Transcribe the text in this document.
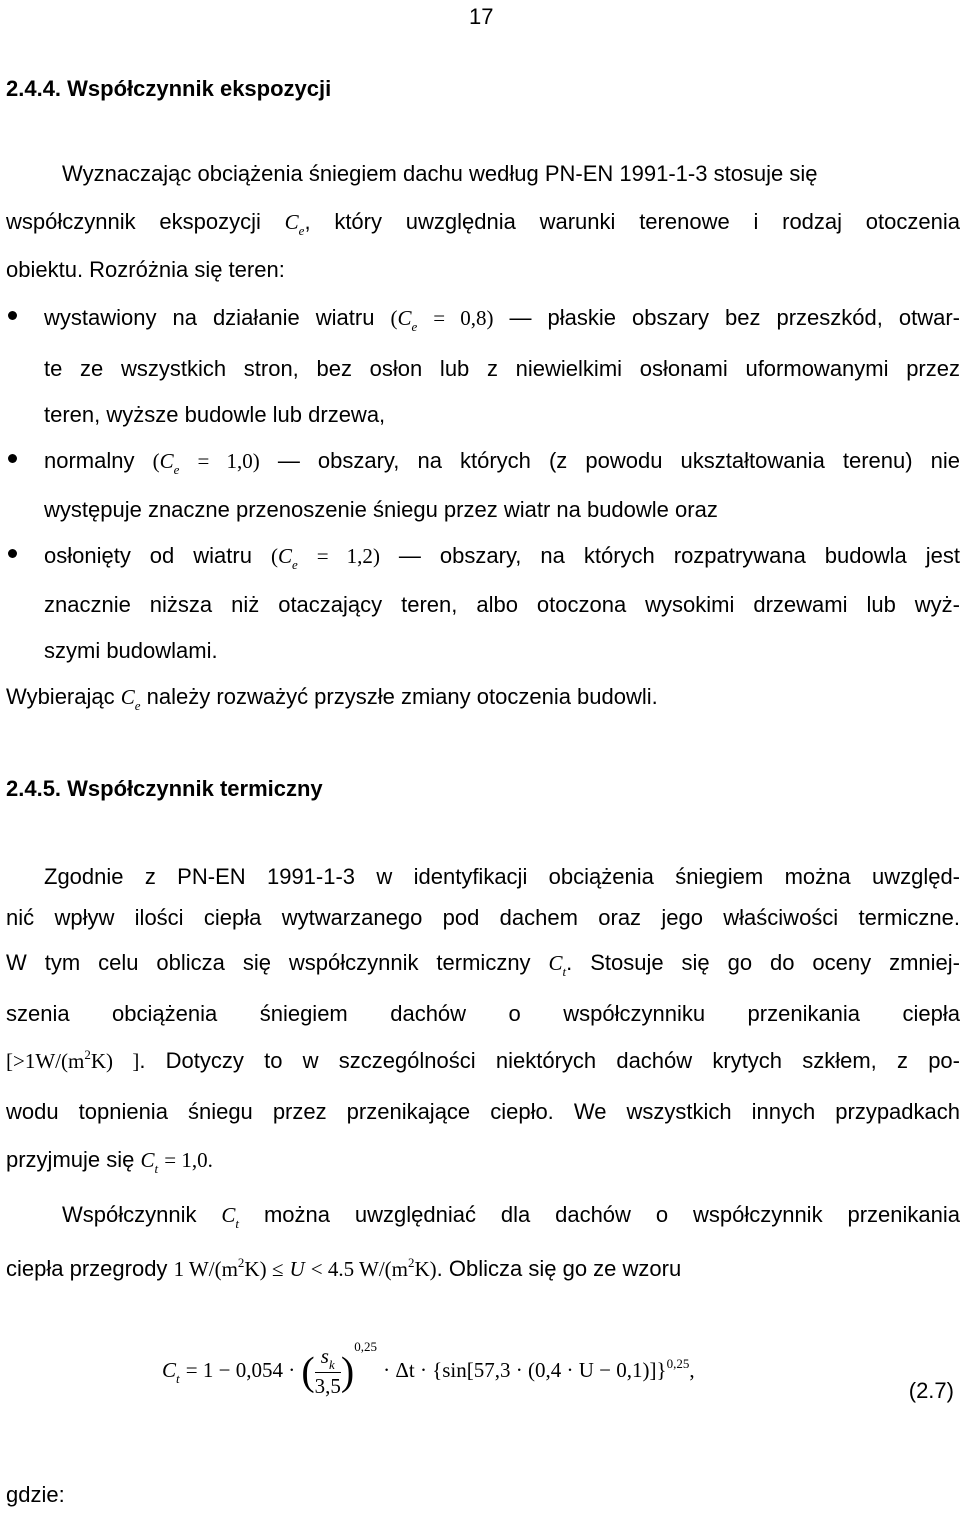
17
2.4.4. Współczynnik ekspozycji
Wyznaczając obciążenia śniegiem dachu według PN-EN 1991-1-3 stosuje się
współczynnik ekspozycji $C_e$, który uwzględnia warunki terenowe i rodzaj otoczenia
obiektu. Rozróżnia się teren:
wystawiony na działanie wiatru $(C_e = 0,8)$ — płaskie obszary bez przeszkód, otwar-
te ze wszystkich stron, bez osłon lub z niewielkimi osłonami uformowanymi przez
teren, wyższe budowle lub drzewa,
normalny $(C_e = 1,0)$ — obszary, na których (z powodu ukształtowania terenu) nie
występuje znaczne przenoszenie śniegu przez wiatr na budowle oraz
osłonięty od wiatru $(C_e = 1,2)$ — obszary, na których rozpatrywana budowla jest
znacznie niższa niż otaczający teren, albo otoczona wysokimi drzewami lub wyż-
szymi budowlami.
Wybierając $C_e$ należy rozważyć przyszłe zmiany otoczenia budowli.
2.4.5. Współczynnik termiczny
Zgodnie z PN-EN 1991-1-3 w identyfikacji obciążenia śniegiem można uwzględ-
nić wpływ ilości ciepła wytwarzanego pod dachem oraz jego właściwości termiczne.
W tym celu oblicza się współczynnik termiczny $C_t$. Stosuje się go do oceny zmniej-
szenia obciążenia śniegiem dachów o współczynniku przenikania ciepła
[$>1W/(m^2K)$ ]. Dotyczy to w szczególności niektórych dachów krytych szkłem, z po-
wodu topnienia śniegu przez przenikające ciepło. We wszystkich innych przypadkach
przyjmuje się $C_t = 1,0$.
Współczynnik $C_t$ można uwzględniać dla dachów o współczynnik przenikania
ciepła przegrody 1 $W/(m^2K) \le U < 4.5$ $W/(m^2K)$. Oblicza się go ze wzoru
$C_t = 1 - 0,054$ · ( $\frac{s_k}{3,5} )^{0,25} \cdot \Delta t \cdot \{\sin[57,3 \cdot (0,4 \cdot U - 0,1)]\}^{0,25}$,
(2.7)
gdzie:
